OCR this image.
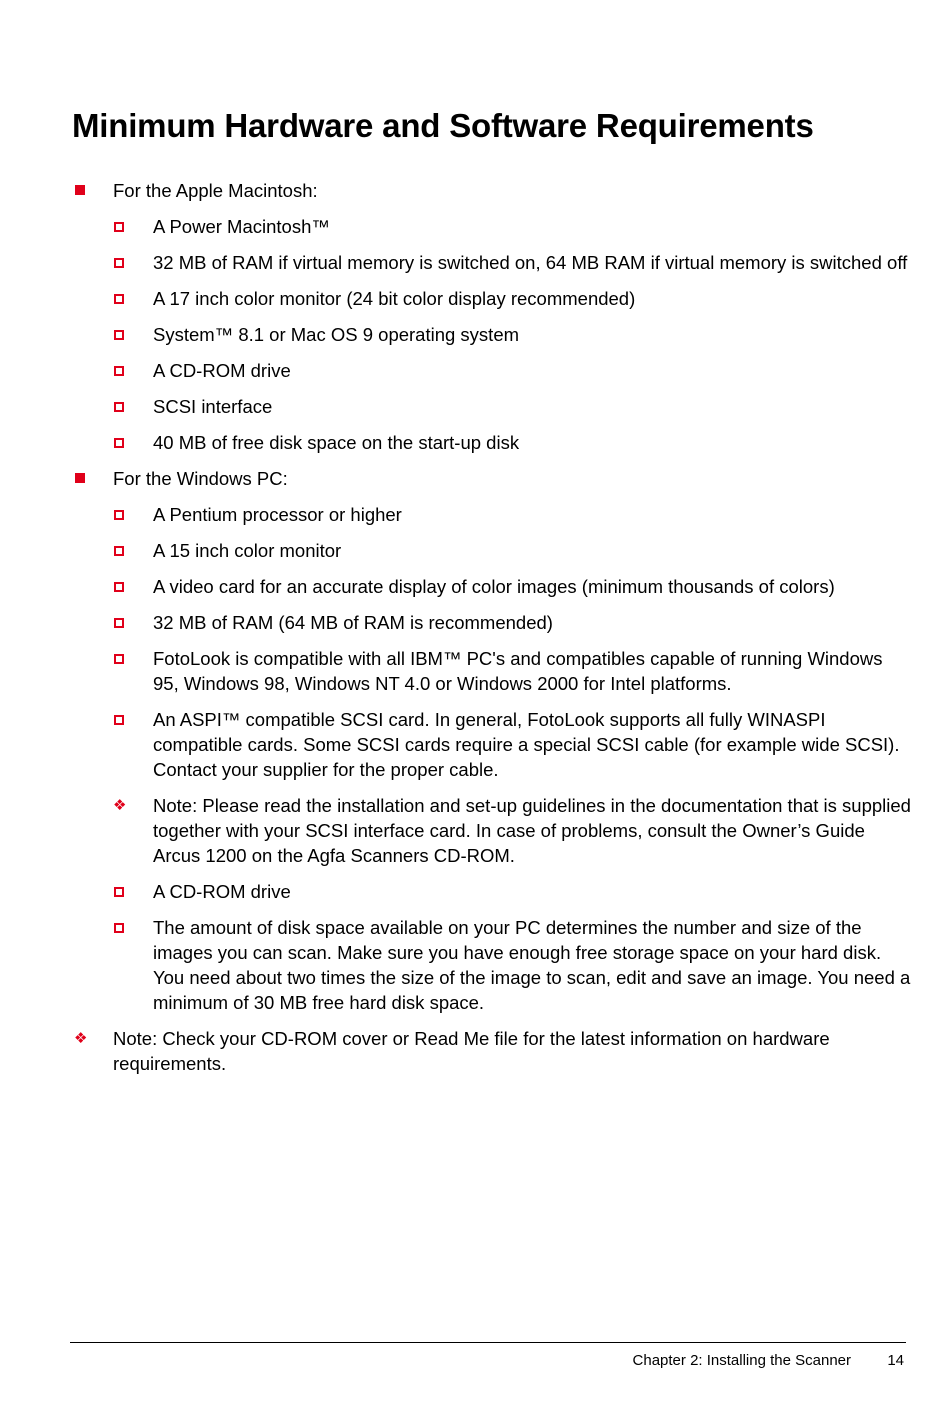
Minimum Hardware and Software Requirements
For the Apple Macintosh:
A Power Macintosh™
32 MB of RAM if virtual memory is switched on, 64 MB RAM if virtual memory is switched off
A 17 inch color monitor (24 bit color display recommended)
System™ 8.1 or Mac OS 9 operating system
A CD-ROM drive
SCSI interface
40 MB of free disk space on the start-up disk
For the Windows PC:
A Pentium processor or higher
A 15 inch color monitor
A video card for an accurate display of color images (minimum thousands of colors)
32 MB of RAM (64 MB of RAM is recommended)
FotoLook is compatible with all IBM™ PC's and compatibles capable of running Windows 95, Windows 98, Windows NT 4.0 or Windows 2000 for Intel platforms.
An ASPI™ compatible SCSI card. In general, FotoLook supports all fully WINASPI compatible cards. Some SCSI cards require a special SCSI cable (for example wide SCSI). Contact your supplier for the proper cable.
❖
Note: Please read the installation and set-up guidelines in the documentation that is supplied together with your SCSI interface card. In case of problems, consult the Owner’s Guide Arcus 1200 on the Agfa Scanners CD-ROM.
A CD-ROM drive
The amount of disk space available on your PC determines the number and size of the images you can scan. Make sure you have enough free storage space on your hard disk. You need about two times the size of the image to scan, edit and save an image. You need a minimum of 30 MB free hard disk space.
❖
Note: Check your CD-ROM cover or Read Me file for the latest information on hardware requirements.
Chapter 2: Installing the Scanner 14
